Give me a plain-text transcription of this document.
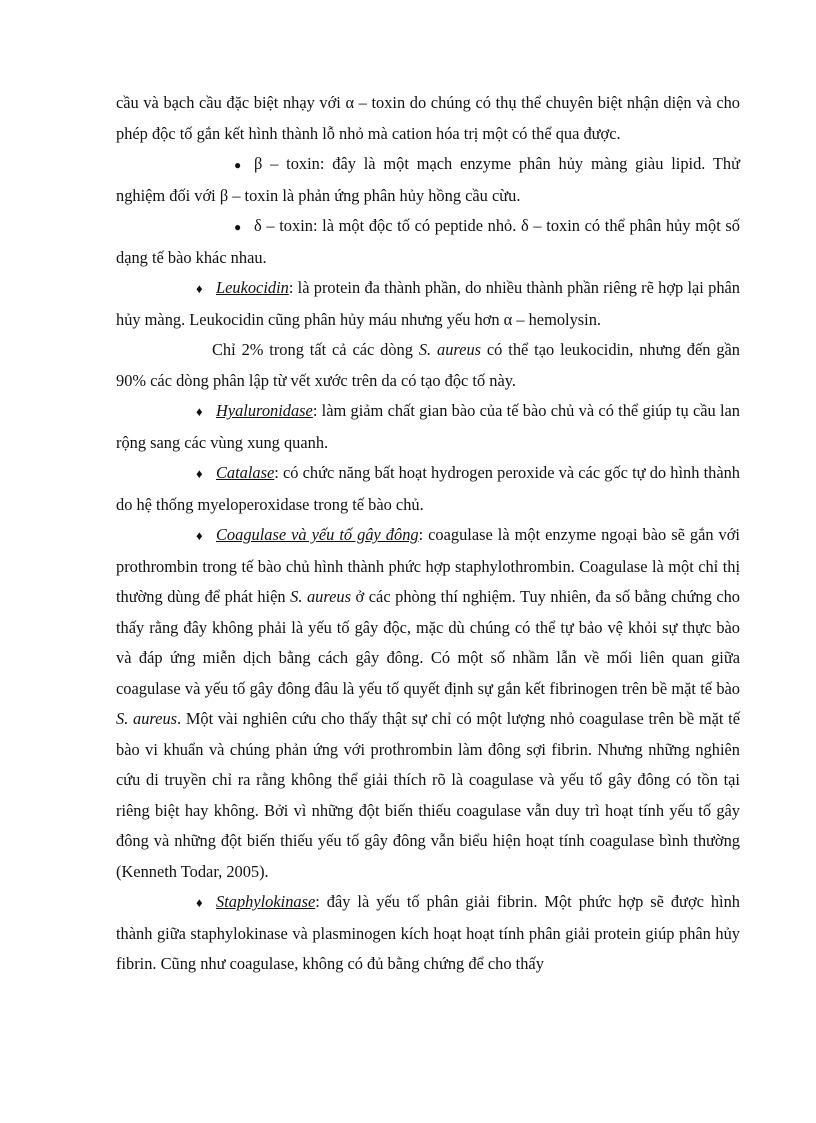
cầu và bạch cầu đặc biệt nhạy với α – toxin do chúng có thụ thể chuyên biệt nhận diện và cho phép độc tố gắn kết hình thành lỗ nhỏ mà cation hóa trị một có thể qua được.

● β – toxin: đây là một mạch enzyme phân hủy màng giàu lipid. Thử nghiệm đối với β – toxin là phản ứng phân hủy hồng cầu cừu.

● δ – toxin: là một độc tố có peptide nhỏ. δ – toxin có thể phân hủy một số dạng tế bào khác nhau.

♦ Leukocidin: là protein đa thành phần, do nhiều thành phần riêng rẽ hợp lại phân hủy màng. Leukocidin cũng phân hủy máu nhưng yếu hơn α – hemolysin.

Chỉ 2% trong tất cả các dòng S. aureus có thể tạo leukocidin, nhưng đến gần 90% các dòng phân lập từ vết xước trên da có tạo độc tố này.

♦ Hyaluronidase: làm giảm chất gian bào của tế bào chủ và có thể giúp tụ cầu lan rộng sang các vùng xung quanh.

♦ Catalase: có chức năng bất hoạt hydrogen peroxide và các gốc tự do hình thành do hệ thống myeloperoxidase trong tế bào chủ.

♦ Coagulase và yếu tố gây đông: coagulase là một enzyme ngoại bào sẽ gắn với prothrombin trong tế bào chủ hình thành phức hợp staphylothrombin. Coagulase là một chỉ thị thường dùng để phát hiện S. aureus ở các phòng thí nghiệm. Tuy nhiên, đa số bằng chứng cho thấy rằng đây không phải là yếu tố gây độc, mặc dù chúng có thể tự bảo vệ khỏi sự thực bào và đáp ứng miễn dịch bằng cách gây đông. Có một số nhầm lẫn về mối liên quan giữa coagulase và yếu tố gây đông đâu là yếu tố quyết định sự gắn kết fibrinogen trên bề mặt tế bào S. aureus. Một vài nghiên cứu cho thấy thật sự chỉ có một lượng nhỏ coagulase trên bề mặt tế bào vi khuẩn và chúng phản ứng với prothrombin làm đông sợi fibrin. Nhưng những nghiên cứu di truyền chỉ ra rằng không thể giải thích rõ là coagulase và yếu tố gây đông có tồn tại riêng biệt hay không. Bởi vì những đột biến thiếu coagulase vẫn duy trì hoạt tính yếu tố gây đông và những đột biến thiếu yếu tố gây đông vẫn biểu hiện hoạt tính coagulase bình thường (Kenneth Todar, 2005).

♦ Staphylokinase: đây là yếu tố phân giải fibrin. Một phức hợp sẽ được hình thành giữa staphylokinase và plasminogen kích hoạt hoạt tính phân giải protein giúp phân hủy fibrin. Cũng như coagulase, không có đủ bằng chứng để cho thấy
